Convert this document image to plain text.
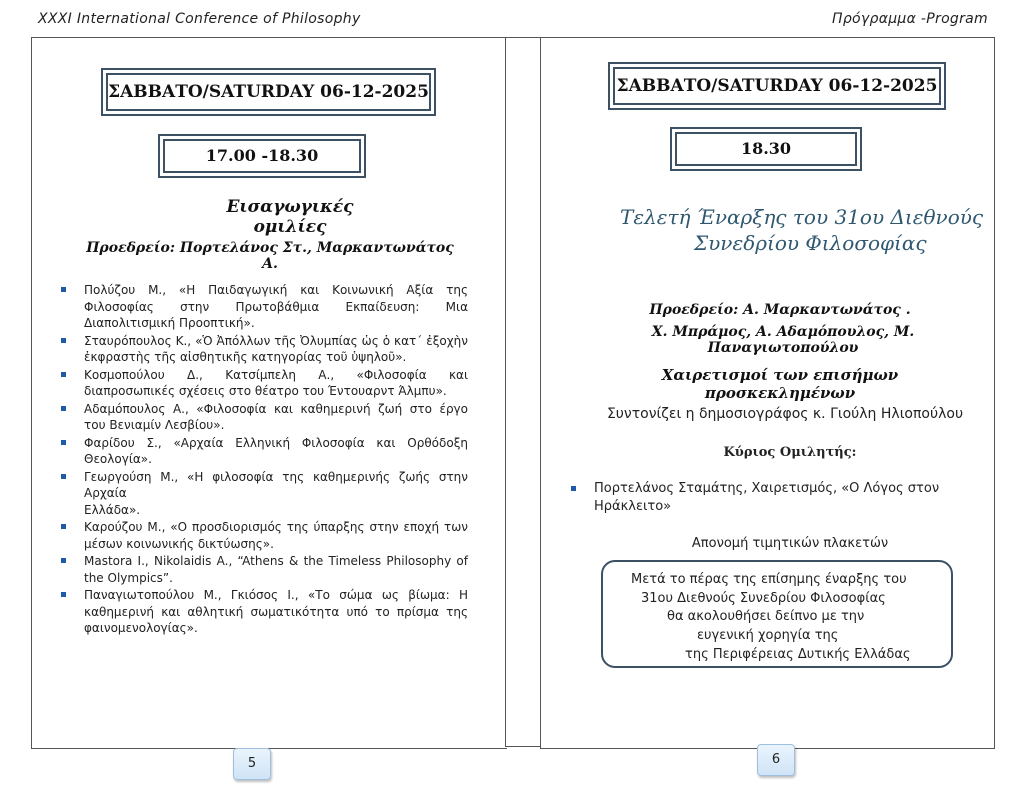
XXXI International Conference of Philosophy	Πρόγραμμα -Program
ΣΑΒΒΑΤΟ/SATURDAY 06-12-2025
17.00 -18.30
Εισαγωγικές ομιλίες
Προεδρείο: Πορτελάνος Στ., Μαρκαντωνάτος Α.
Πολύζου Μ., «Η Παιδαγωγική και Κοινωνική Αξία της
Φιλοσοφίας στην Πρωτοβάθμια Εκπαίδευση: Μια
Διαπολιτισμική Προοπτική».
Σταυρόπουλος Κ., «Ὁ Ἀπόλλων τῆς Ὀλυμπίας ὡς ὁ κατ΄ ἐξοχὴν
ἐκφραστὴς τῆς αἰσθητικῆς κατηγορίας τοῦ ὑψηλοῦ».
Κοσμοπούλου Δ., Κατσίμπελη Α., «Φιλοσοφία και
διαπροσωπικές σχέσεις στο θέατρο του Έντουαρντ Άλμπυ».
Αδαμόπουλος Α., «Φιλοσοφία και καθημερινή ζωή στο έργο
του Βενιαμίν Λεσβίου».
Φαρίδου Σ., «Αρχαία Ελληνική Φιλοσοφία και Ορθόδοξη
Θεολογία».
Γεωργούση Μ., «Η φιλοσοφία της καθημερινής ζωής στην Αρχαία
Ελλάδα».
Καρούζου Μ., «Ο προσδιορισμός της ύπαρξης στην εποχή των
μέσων κοινωνικής δικτύωσης».
Mastora I., Nikolaidis A., “Athens & the Timeless Philosophy of
the Olympics”.
Παναγιωτοπούλου Μ., Γκιόσος Ι., «Το σώμα ως βίωμα: Η
καθημερινή και αθλητική σωματικότητα υπό το πρίσμα της
φαινομενολογίας».
5
ΣΑΒΒΑΤΟ/SATURDAY 06-12-2025
18.30
Τελετή Έναρξης του 31ου Διεθνούς
Συνεδρίου Φιλοσοφίας
Προεδρείο: Α. Μαρκαντωνάτος .
Χ. Μπράμος, Α. Αδαμόπουλος, Μ. Παναγιωτοπούλου
Χαιρετισμοί των επισήμων προσκεκλημένων
Συντονίζει η δημοσιογράφος κ. Γιούλη Ηλιοπούλου
Κύριος Ομιλητής:
Πορτελάνος Σταμάτης, Χαιρετισμός, «Ο Λόγος στον
Ηράκλειτο»
Απονομή τιμητικών πλακετών
Μετά το πέρας της επίσημης έναρξης του
31ου Διεθνούς Συνεδρίου Φιλοσοφίας
θα ακολουθήσει δείπνο με την
ευγενική χορηγία της
της Περιφέρειας Δυτικής Ελλάδας
6
